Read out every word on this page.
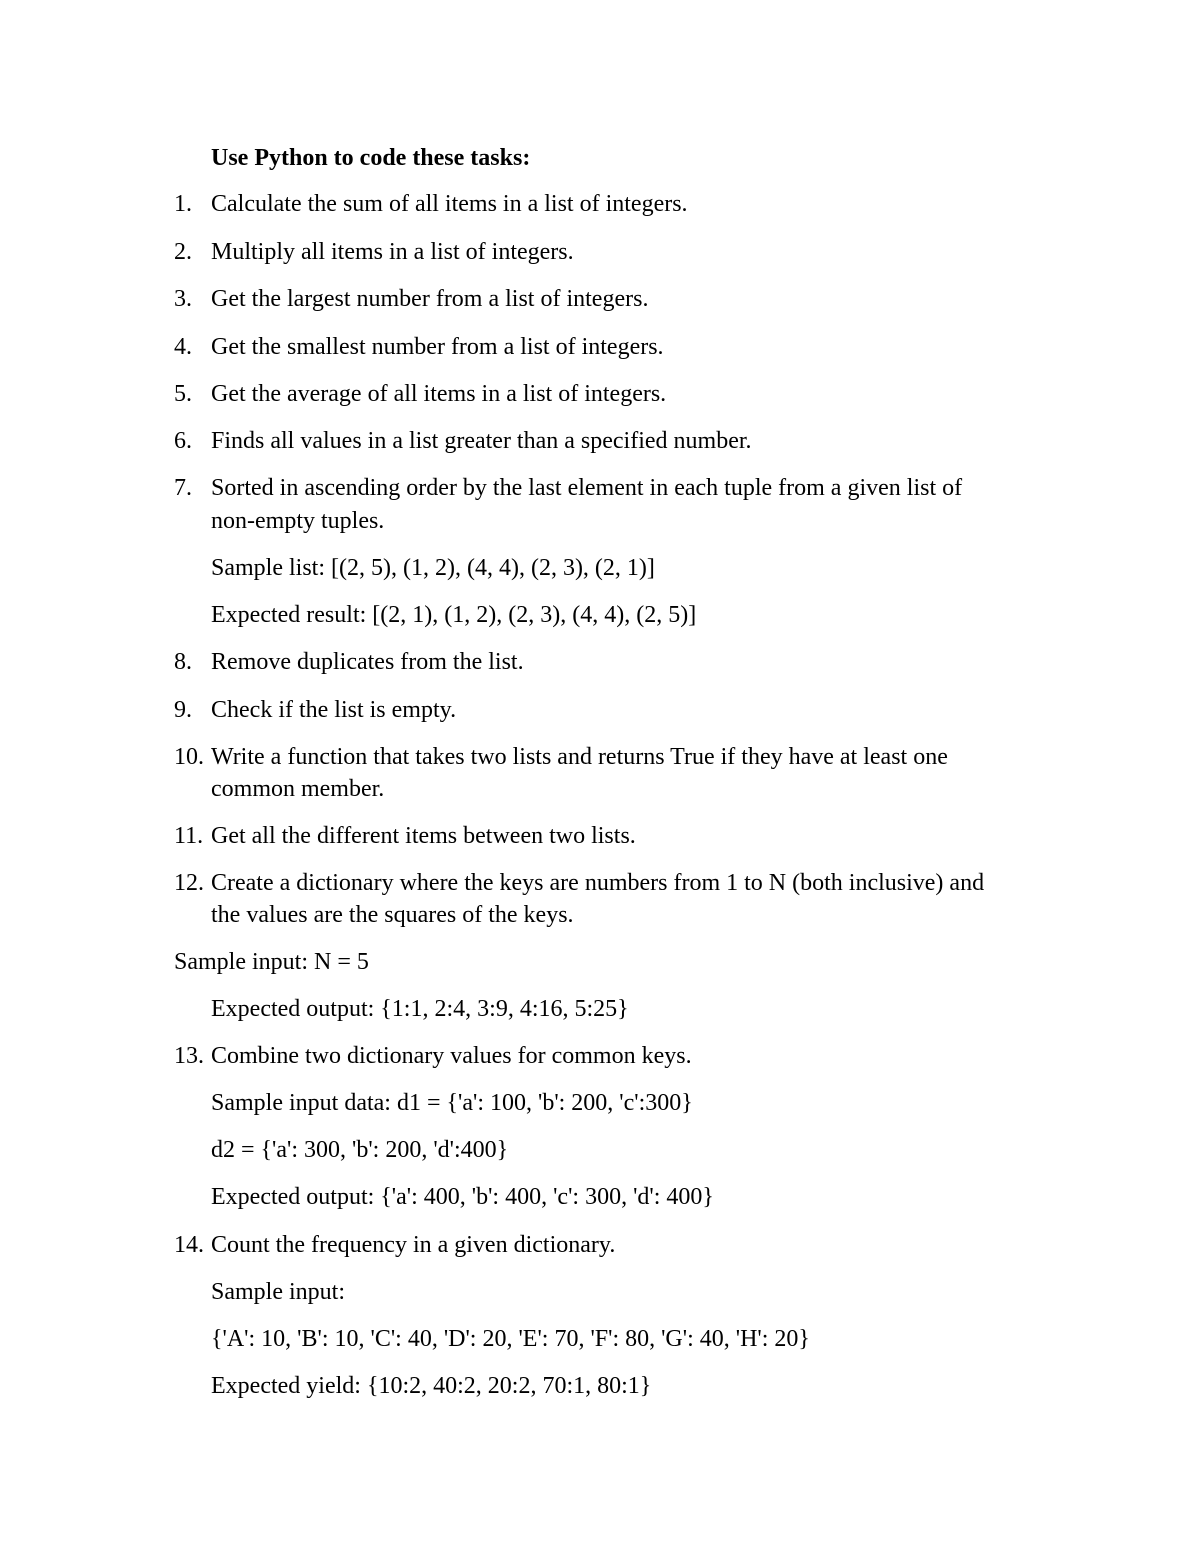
Use Python to code these tasks:
1. Calculate the sum of all items in a list of integers.
2. Multiply all items in a list of integers.
3. Get the largest number from a list of integers.
4. Get the smallest number from a list of integers.
5. Get the average of all items in a list of integers.
6. Finds all values in a list greater than a specified number.
7. Sorted in ascending order by the last element in each tuple from a given list of
non-empty tuples.
Sample list: [(2, 5), (1, 2), (4, 4), (2, 3), (2, 1)]
Expected result: [(2, 1), (1, 2), (2, 3), (4, 4), (2, 5)]
8. Remove duplicates from the list.
9. Check if the list is empty.
10. Write a function that takes two lists and returns True if they have at least one
common member.
11. Get all the different items between two lists.
12. Create a dictionary where the keys are numbers from 1 to N (both inclusive) and
the values are the squares of the keys.
Sample input: N = 5
Expected output: {1:1, 2:4, 3:9, 4:16, 5:25}
13. Combine two dictionary values for common keys.
Sample input data: d1 = {'a': 100, 'b': 200, 'c':300}
d2 = {'a': 300, 'b': 200, 'd':400}
Expected output: {'a': 400, 'b': 400, 'c': 300, 'd': 400}
14. Count the frequency in a given dictionary.
Sample input:
{'A': 10, 'B': 10, 'C': 40, 'D': 20, 'E': 70, 'F': 80, 'G': 40, 'H': 20}
Expected yield: {10:2, 40:2, 20:2, 70:1, 80:1}
